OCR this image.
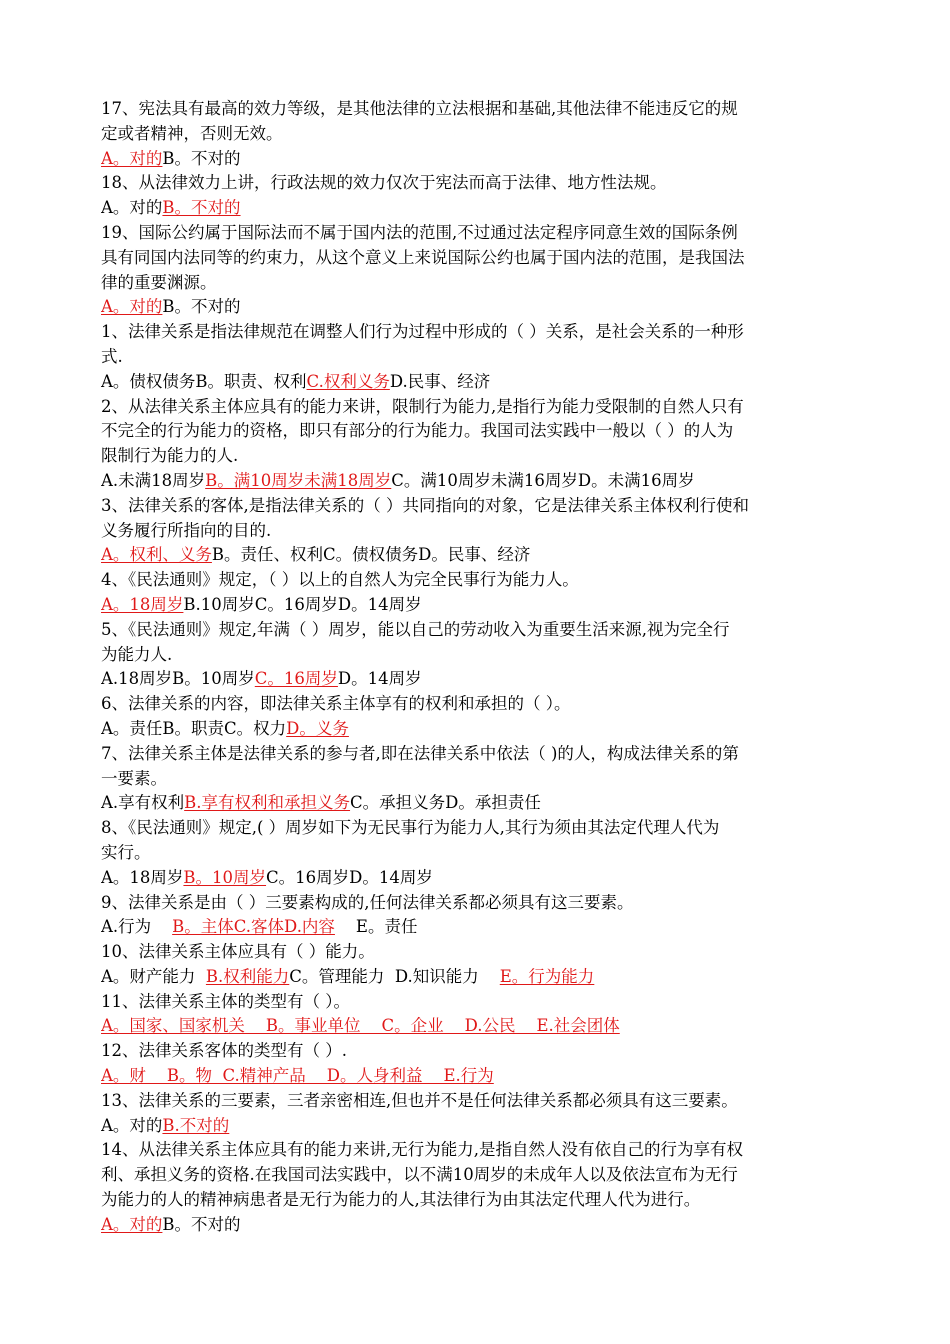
17、宪法具有最高的效力等级，是其他法律的立法根据和基础,其他法律不能违反它的规
定或者精神，否则无效。
A。对的B。不对的
18、从法律效力上讲，行政法规的效力仅次于宪法而高于法律、地方性法规。
A。对的B。不对的
19、国际公约属于国际法而不属于国内法的范围,不过通过法定程序同意生效的国际条例
具有同国内法同等的约束力，从这个意义上来说国际公约也属于国内法的范围，是我国法
律的重要渊源。
A。对的B。不对的
1、法律关系是指法律规范在调整人们行为过程中形成的（ ）关系，是社会关系的一种形
式.
A。债权债务B。职责、权利C.权利义务D.民事、经济
2、从法律关系主体应具有的能力来讲，限制行为能力,是指行为能力受限制的自然人只有
不完全的行为能力的资格，即只有部分的行为能力。我国司法实践中一般以（ ）的人为
限制行为能力的人.
A.未满18周岁B。满10周岁未满18周岁C。满10周岁未满16周岁D。未满16周岁
3、法律关系的客体,是指法律关系的（ ）共同指向的对象，它是法律关系主体权利行使和
义务履行所指向的目的.
A。权利、义务B。责任、权利C。债权债务D。民事、经济
4、《民法通则》规定，（ ）以上的自然人为完全民事行为能力人。
A。18周岁B.10周岁C。16周岁D。14周岁
5、《民法通则》规定,年满（ ）周岁，能以自己的劳动收入为重要生活来源,视为完全行
为能力人.
A.18周岁B。10周岁C。16周岁D。14周岁
6、法律关系的内容，即法律关系主体享有的权利和承担的（ ）。
A。责任B。职责C。权力D。义务
7、法律关系主体是法律关系的参与者,即在法律关系中依法（ )的人，构成法律关系的第
一要素。
A.享有权利B.享有权利和承担义务C。承担义务D。承担责任
8、《民法通则》规定,( ）周岁如下为无民事行为能力人,其行为须由其法定代理人代为
实行。
A。18周岁B。10周岁C。16周岁D。14周岁
9、法律关系是由（ ）三要素构成的,任何法律关系都必须具有这三要素。
A.行为    B。主体C.客体D.内容    E。责任
10、法律关系主体应具有（ ）能力。
A。财产能力  B.权利能力C。管理能力  D.知识能力    E。行为能力
11、法律关系主体的类型有（ ）。
A。国家、国家机关    B。事业单位    C。企业    D.公民    E.社会团体
12、法律关系客体的类型有（ ）.
A。财    B。物  C.精神产品    D。人身利益    E.行为
13、法律关系的三要素，三者亲密相连,但也并不是任何法律关系都必须具有这三要素。
A。对的B.不对的
14、从法律关系主体应具有的能力来讲,无行为能力,是指自然人没有依自己的行为享有权
利、承担义务的资格.在我国司法实践中，以不满10周岁的未成年人以及依法宣布为无行
为能力的人的精神病患者是无行为能力的人,其法律行为由其法定代理人代为进行。
A。对的B。不对的
